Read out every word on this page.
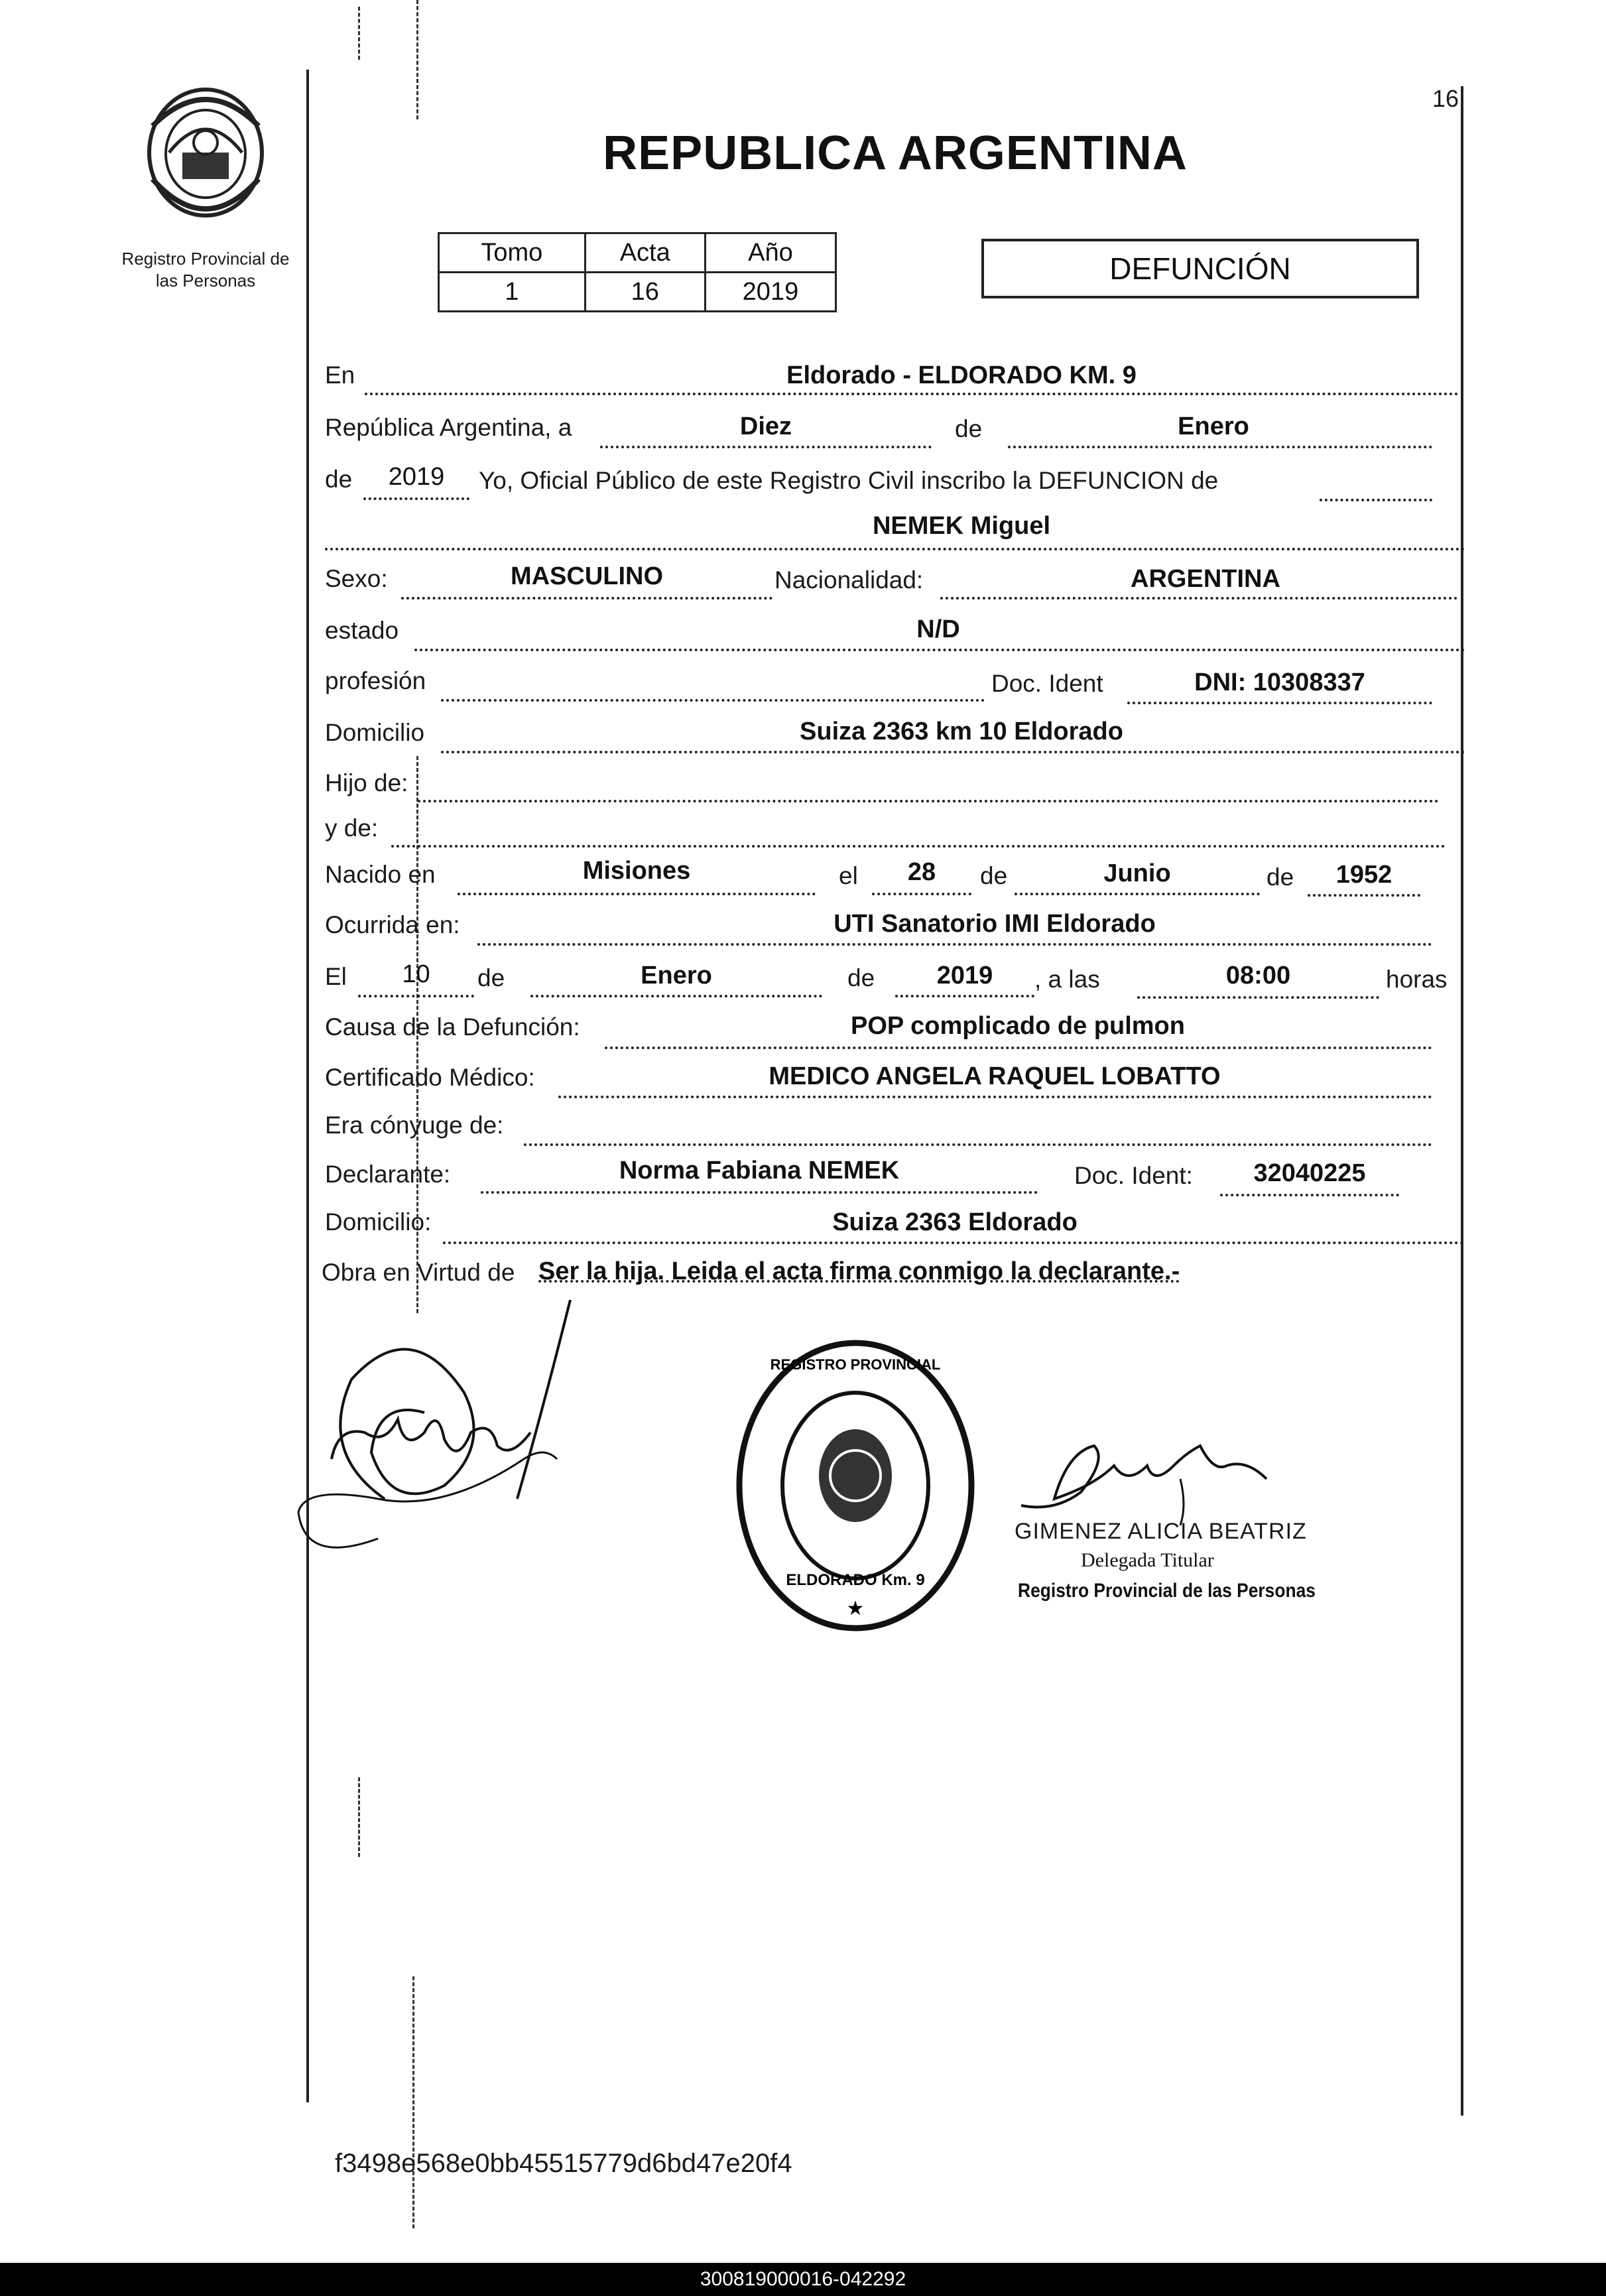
Registro Provincial de
las Personas
16
REPUBLICA ARGENTINA
Tomo	Acta	Año
1	16	2019
DEFUNCIÓN
En	Eldorado - ELDORADO KM. 9
República Argentina, a	Diez	de	Enero
de	2019	Yo, Oficial Público de este Registro Civil inscribo la DEFUNCION de
NEMEK Miguel
Sexo:	MASCULINO	Nacionalidad:	ARGENTINA
estado	N/D
profesión	Doc. Ident	DNI: 10308337
Domicilio	Suiza 2363 km 10 Eldorado
Hijo de:
y de:
Nacido en	Misiones	el	28	de	Junio	de	1952
Ocurrida en:	UTI Sanatorio IMI Eldorado
El	10	de	Enero	de	2019	, a las	08:00	horas
Causa de la Defunción:	POP complicado de pulmon
Certificado Médico:	MEDICO ANGELA RAQUEL LOBATTO
Era cónyuge de:
Declarante:	Norma Fabiana NEMEK	Doc. Ident:	32040225
Domicilio:	Suiza 2363 Eldorado
Obra en Virtud de Ser la hija. Leida el acta firma conmigo la declarante.-
★
REGISTRO PROVINCIAL
ELDORADO Km. 9
GIMENEZ ALICIA BEATRIZ
Delegada Titular
Registro Provincial de las Personas
f3498e568e0bb45515779d6bd47e20f4
300819000016-042292
